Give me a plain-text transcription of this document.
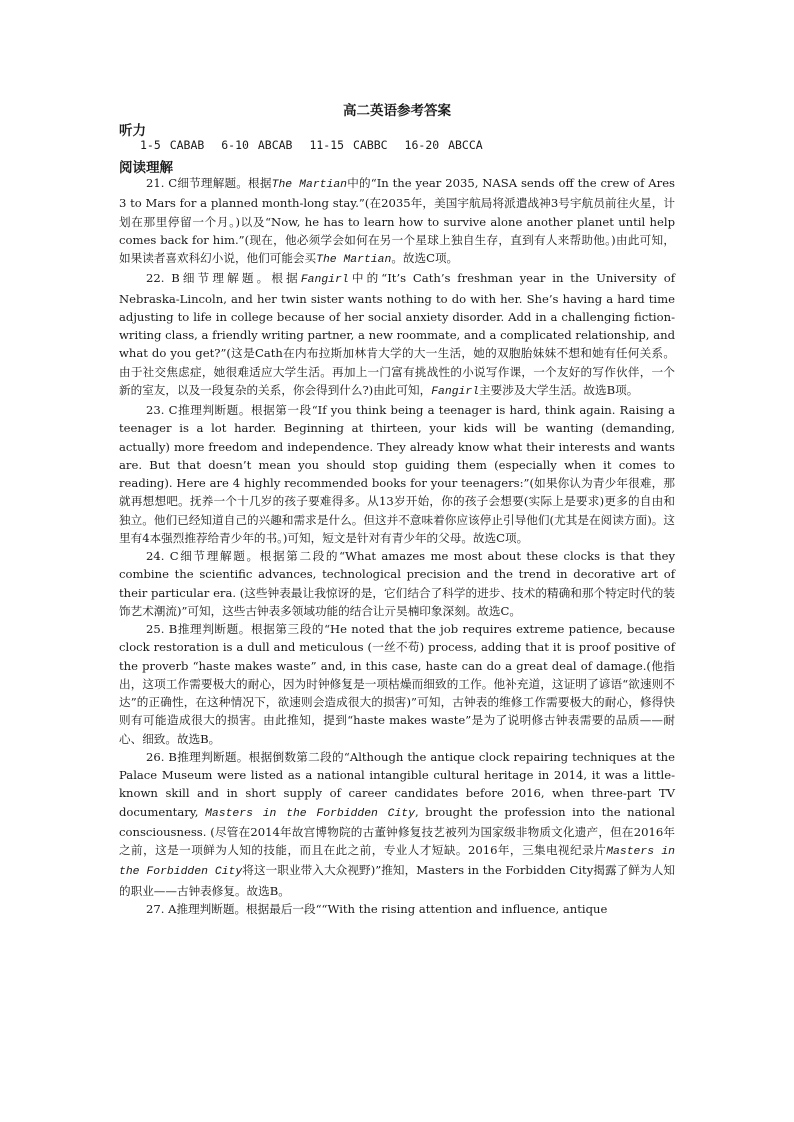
高二英语参考答案
听力
1-5 CABAB 6-10 ABCAB 11-15 CABBC 16-20 ABCCA
阅读理解

21. C细节理解题。根据The Martian中的“In the year 2035, NASA sends off the crew of Ares 3 to Mars for a planned month-long stay.”(在2035年，美国宇航局将派遣战神3号宇航员前往火星，计划在那里停留一个月。)以及“Now, he has to learn how to survive alone another planet until help comes back for him.”(现在，他必须学会如何在另一个星球上独自生存，直到有人来帮助他。)由此可知，如果读者喜欢科幻小说，他们可能会买The Martian。故选C项。

22. B细节理解题。根据Fangirl中的“It’s Cath’s freshman year in the University of Nebraska-Lincoln, and her twin sister wants nothing to do with her. She’s having a hard time adjusting to life in college because of her social anxiety disorder. Add in a challenging fiction-writing class, a friendly writing partner, a new roommate, and a complicated relationship, and what do you get?”(这是Cath在内布拉斯加林肯大学的大一生活，她的双胞胎妹妹不想和她有任何关系。由于社交焦虑症，她很难适应大学生活。再加上一门富有挑战性的小说写作课，一个友好的写作伙伴，一个新的室友，以及一段复杂的关系，你会得到什么?)由此可知，Fangirl主要涉及大学生活。故选B项。

23. C推理判断题。根据第一段“If you think being a teenager is hard, think again. Raising a teenager is a lot harder. Beginning at thirteen, your kids will be wanting (demanding, actually) more freedom and independence. They already know what their interests and wants are. But that doesn’t mean you should stop guiding them (especially when it comes to reading). Here are 4 highly recommended books for your teenagers:”(如果你认为青少年很难，那就再想想吧。抚养一个十几岁的孩子要难得多。从13岁开始，你的孩子会想要(实际上是要求)更多的自由和独立。他们已经知道自己的兴趣和需求是什么。但这并不意味着你应该停止引导他们(尤其是在阅读方面)。这里有4本强烈推荐给青少年的书。)可知，短文是针对有青少年的父母。故选C项。

24. C细节理解题。根据第二段的“What amazes me most about these clocks is that they combine the scientific advances, technological precision and the trend in decorative art of their particular era. (这些钟表最让我惊讶的是，它们结合了科学的进步、技术的精确和那个特定时代的装饰艺术潮流)”可知，这些古钟表多领域功能的结合让亓昊楠印象深刻。故选C。

25. B推理判断题。根据第三段的“He noted that the job requires extreme patience, because clock restoration is a dull and meticulous (一丝不苟) process, adding that it is proof positive of the proverb “haste makes waste” and, in this case, haste can do a great deal of damage.(他指出，这项工作需要极大的耐心，因为时钟修复是一项枯燥而细致的工作。他补充道，这证明了谚语“欲速则不达”的正确性，在这种情况下，欲速则会造成很大的损害)”可知，古钟表的维修工作需要极大的耐心，修得快则有可能造成很大的损害。由此推知，提到“haste makes waste”是为了说明修古钟表需要的品质——耐心、细致。故选B。

26. B推理判断题。根据倒数第二段的“Although the antique clock repairing techniques at the Palace Museum were listed as a national intangible cultural heritage in 2014, it was a little-known skill and in short supply of career candidates before 2016, when three-part TV documentary, Masters in the Forbidden City, brought the profession into the national consciousness. (尽管在2014年故宫博物院的古董钟修复技艺被列为国家级非物质文化遗产，但在2016年之前，这是一项鲜为人知的技能，而且在此之前，专业人才短缺。2016年，三集电视纪录片Masters in the Forbidden City将这一职业带入大众视野)”推知，Masters in the Forbidden City揭露了鲜为人知的职业——古钟表修复。故选B。

27. A推理判断题。根据最后一段““With the rising attention and influence, antique
